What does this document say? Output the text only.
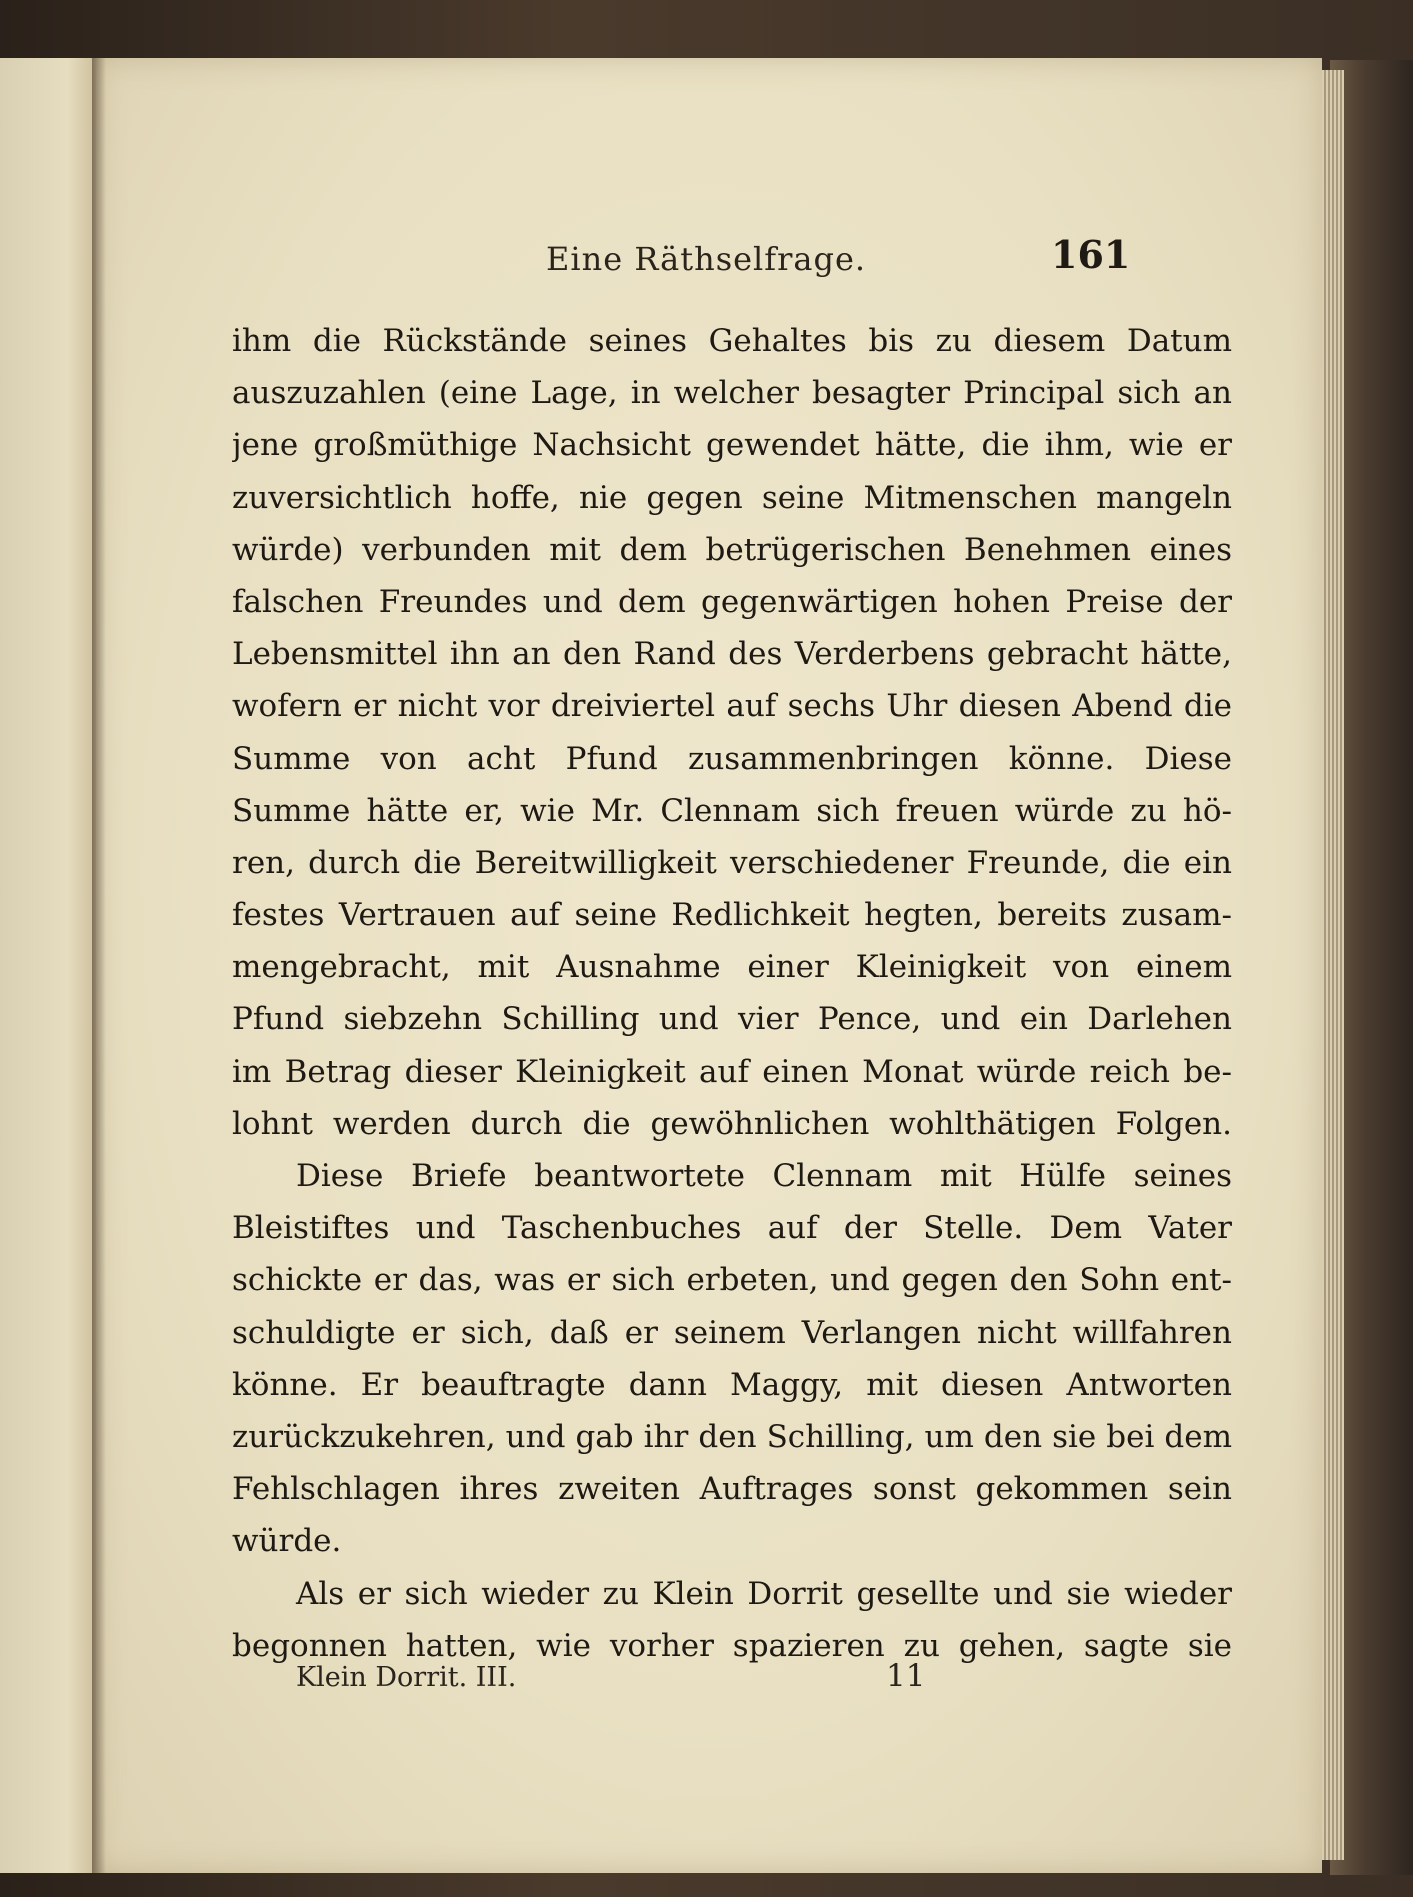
Eine Räthselfrage.	161
ihm die Rückstände seines Gehaltes bis zu diesem Datum
auszuzahlen (eine Lage, in welcher besagter Principal sich an
jene großmüthige Nachsicht gewendet hätte, die ihm, wie er
zuversichtlich hoffe, nie gegen seine Mitmenschen mangeln
würde) verbunden mit dem betrügerischen Benehmen eines
falschen Freundes und dem gegenwärtigen hohen Preise der
Lebensmittel ihn an den Rand des Verderbens gebracht hätte,
wofern er nicht vor dreiviertel auf sechs Uhr diesen Abend die
Summe von acht Pfund zusammenbringen könne. Diese
Summe hätte er, wie Mr. Clennam sich freuen würde zu hö-
ren, durch die Bereitwilligkeit verschiedener Freunde, die ein
festes Vertrauen auf seine Redlichkeit hegten, bereits zusam-
mengebracht, mit Ausnahme einer Kleinigkeit von einem
Pfund siebzehn Schilling und vier Pence, und ein Darlehen
im Betrag dieser Kleinigkeit auf einen Monat würde reich be-
lohnt werden durch die gewöhnlichen wohlthätigen Folgen.
Diese Briefe beantwortete Clennam mit Hülfe seines
Bleistiftes und Taschenbuches auf der Stelle. Dem Vater
schickte er das, was er sich erbeten, und gegen den Sohn ent-
schuldigte er sich, daß er seinem Verlangen nicht willfahren
könne. Er beauftragte dann Maggy, mit diesen Antworten
zurückzukehren, und gab ihr den Schilling, um den sie bei dem
Fehlschlagen ihres zweiten Auftrages sonst gekommen sein
würde.
Als er sich wieder zu Klein Dorrit gesellte und sie wieder
begonnen hatten, wie vorher spazieren zu gehen, sagte sie
Klein Dorrit. III.	11
